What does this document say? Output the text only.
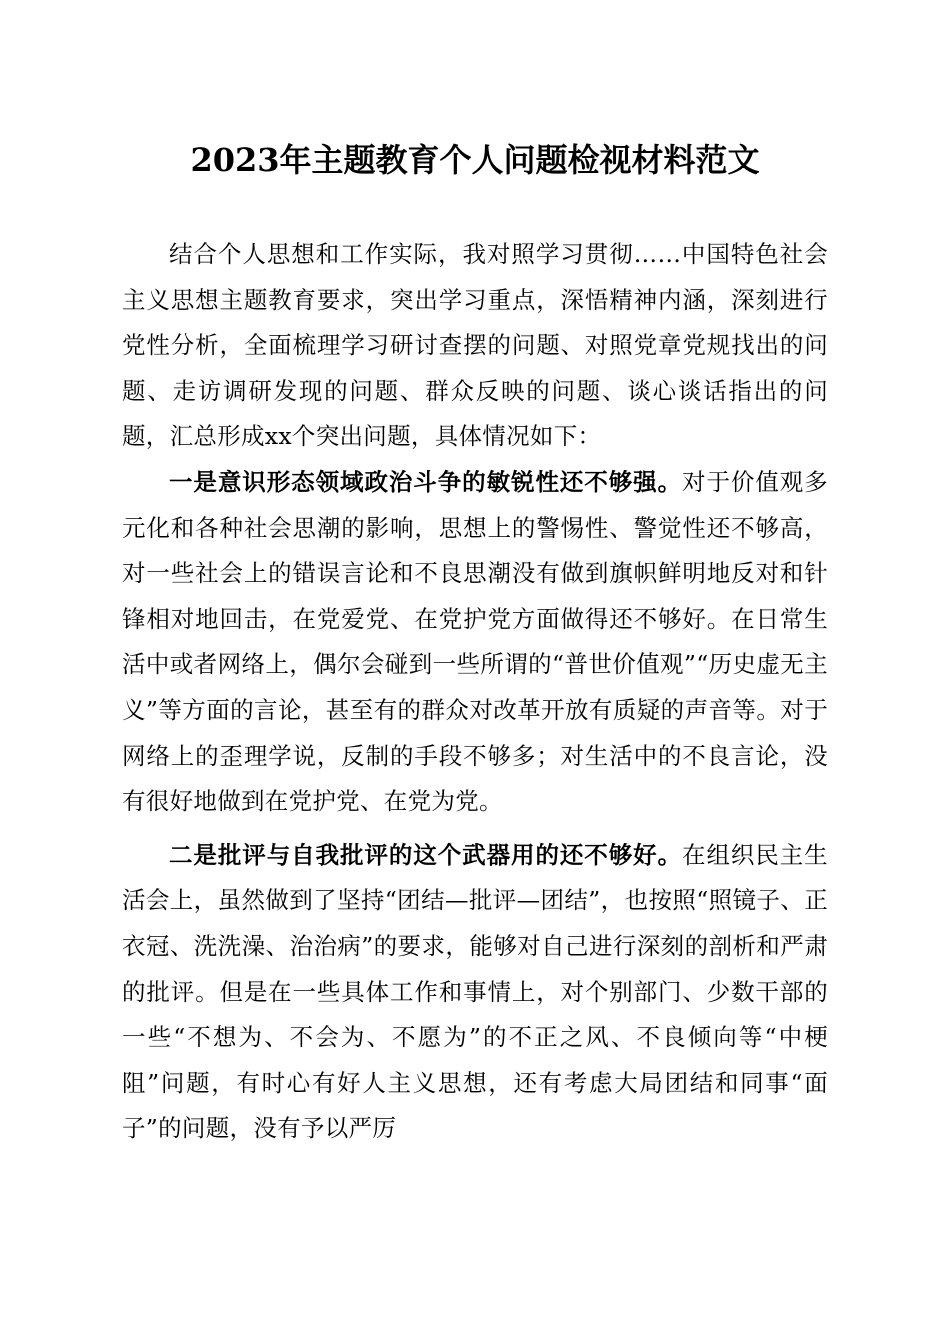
2023年主题教育个人问题检视材料范文

结合个人思想和工作实际，我对照学习贯彻……中国特色社会主义思想主题教育要求，突出学习重点，深悟精神内涵，深刻进行党性分析，全面梳理学习研讨查摆的问题、对照党章党规找出的问题、走访调研发现的问题、群众反映的问题、谈心谈话指出的问题，汇总形成xx个突出问题，具体情况如下：

一是意识形态领域政治斗争的敏锐性还不够强。对于价值观多元化和各种社会思潮的影响，思想上的警惕性、警觉性还不够高，对一些社会上的错误言论和不良思潮没有做到旗帜鲜明地反对和针锋相对地回击，在党爱党、在党护党方面做得还不够好。在日常生活中或者网络上，偶尔会碰到一些所谓的“普世价值观”“历史虚无主义”等方面的言论，甚至有的群众对改革开放有质疑的声音等。对于网络上的歪理学说，反制的手段不够多；对生活中的不良言论，没有很好地做到在党护党、在党为党。

二是批评与自我批评的这个武器用的还不够好。在组织民主生活会上，虽然做到了坚持“团结—批评—团结”，也按照“照镜子、正衣冠、洗洗澡、治治病”的要求，能够对自己进行深刻的剖析和严肃的批评。但是在一些具体工作和事情上，对个别部门、少数干部的一些“不想为、不会为、不愿为”的不正之风、不良倾向等“中梗阻”问题，有时心有好人主义思想，还有考虑大局团结和同事“面子”的问题，没有予以严厉
